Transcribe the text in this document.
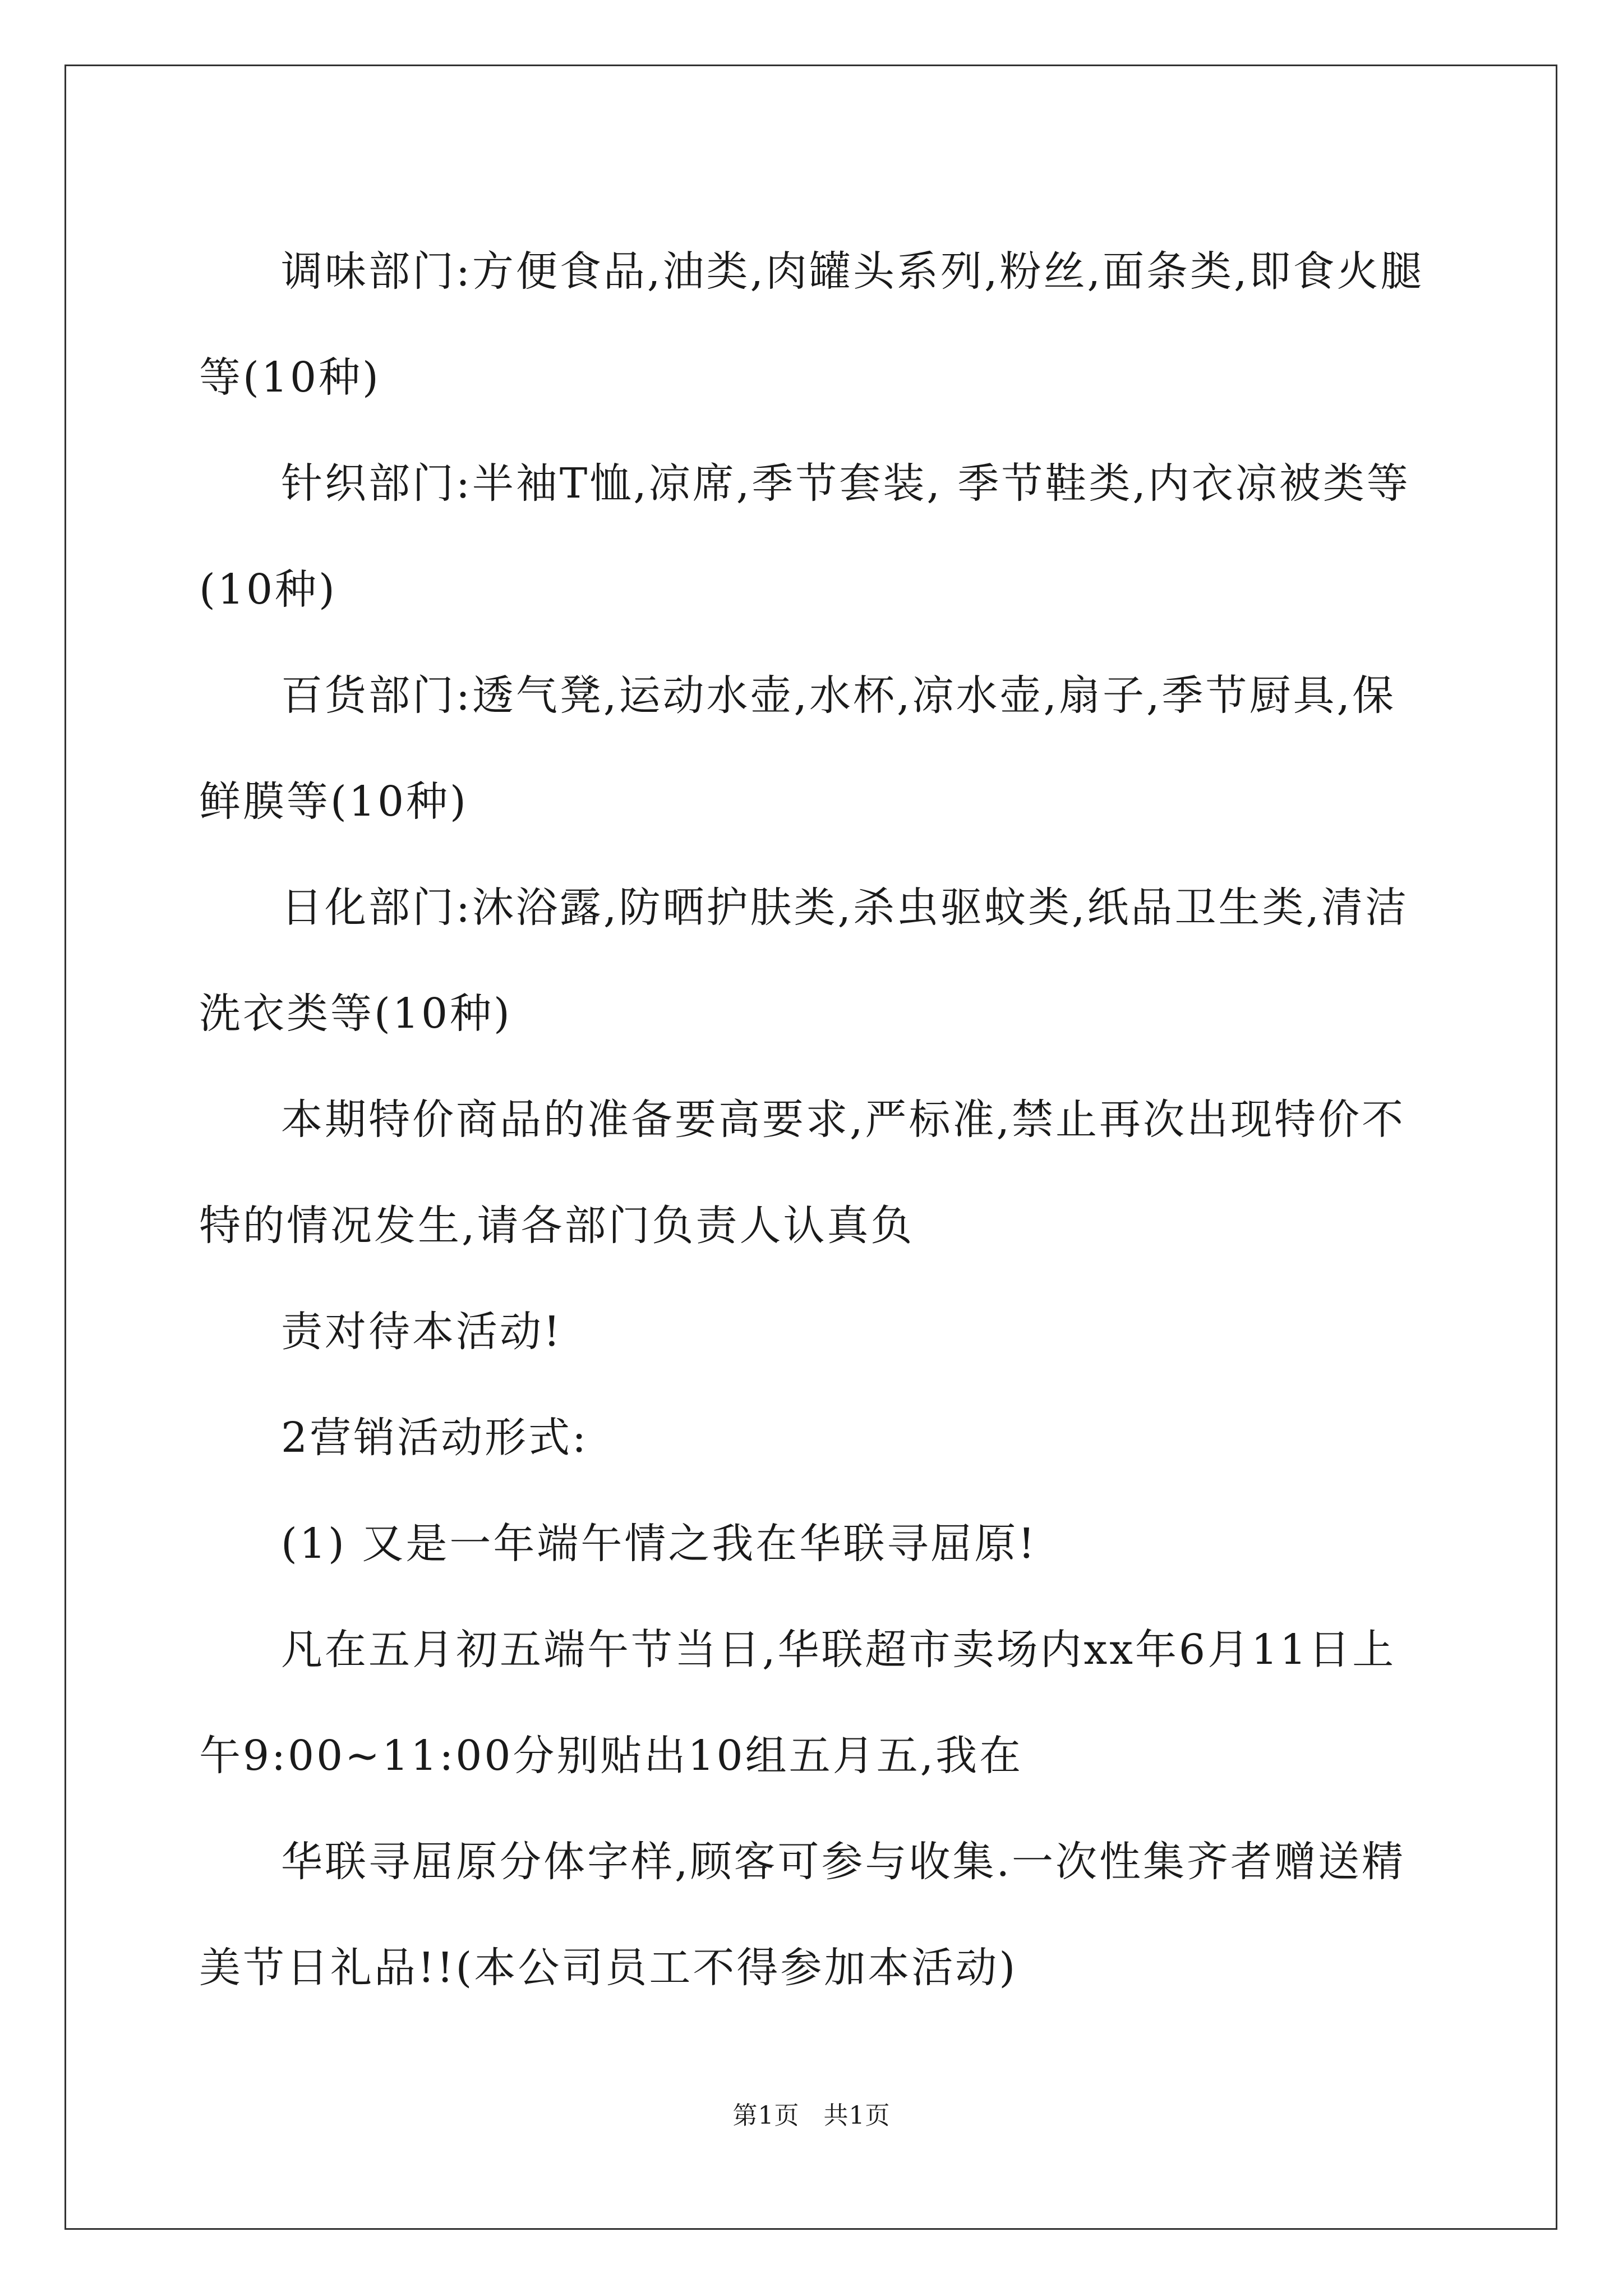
调味部门:方便食品,油类,肉罐头系列,粉丝,面条类,即食火腿等(10种)

针织部门:半袖T恤,凉席,季节套装, 季节鞋类,内衣凉被类等(10种)

百货部门:透气凳,运动水壶,水杯,凉水壶,扇子,季节厨具,保鲜膜等(10种)

日化部门:沐浴露,防晒护肤类,杀虫驱蚊类,纸品卫生类,清洁洗衣类等(10种)

本期特价商品的准备要高要求,严标准,禁止再次出现特价不特的情况发生,请各部门负责人认真负

责对待本活动!

2营销活动形式:

(1) 又是一年端午情之我在华联寻屈原!

凡在五月初五端午节当日,华联超市卖场内xx年6月11日上午9:00~11:00分别贴出10组五月五,我在

华联寻屈原分体字样,顾客可参与收集.一次性集齐者赠送精美节日礼品!!(本公司员工不得参加本活动)

第1页 共1页
